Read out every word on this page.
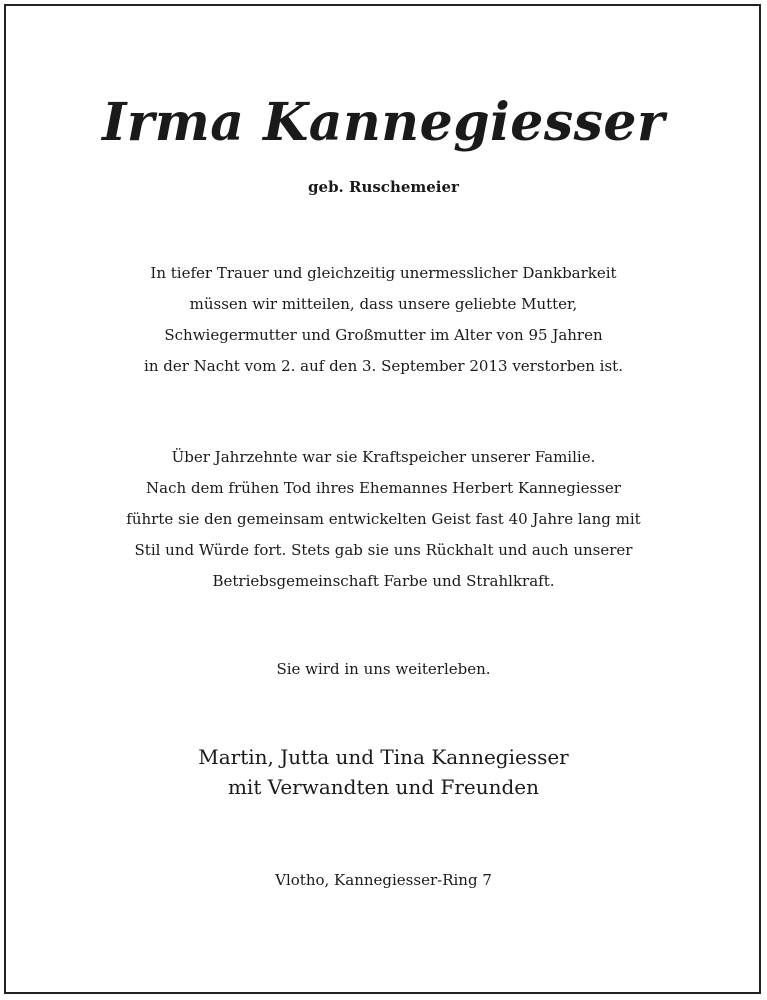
Irma Kannegiesser
geb. Ruschemeier
In tiefer Trauer und gleichzeitig unermesslicher Dankbarkeit
müssen wir mitteilen, dass unsere geliebte Mutter,
Schwiegermutter und Großmutter im Alter von 95 Jahren
in der Nacht vom 2. auf den 3. September 2013 verstorben ist.
Über Jahrzehnte war sie Kraftspeicher unserer Familie.
Nach dem frühen Tod ihres Ehemannes Herbert Kannegiesser
führte sie den gemeinsam entwickelten Geist fast 40 Jahre lang mit
Stil und Würde fort. Stets gab sie uns Rückhalt und auch unserer
Betriebsgemeinschaft Farbe und Strahlkraft.
Sie wird in uns weiterleben.
Martin, Jutta und Tina Kannegiesser
mit Verwandten und Freunden
Vlotho, Kannegiesser-Ring 7
